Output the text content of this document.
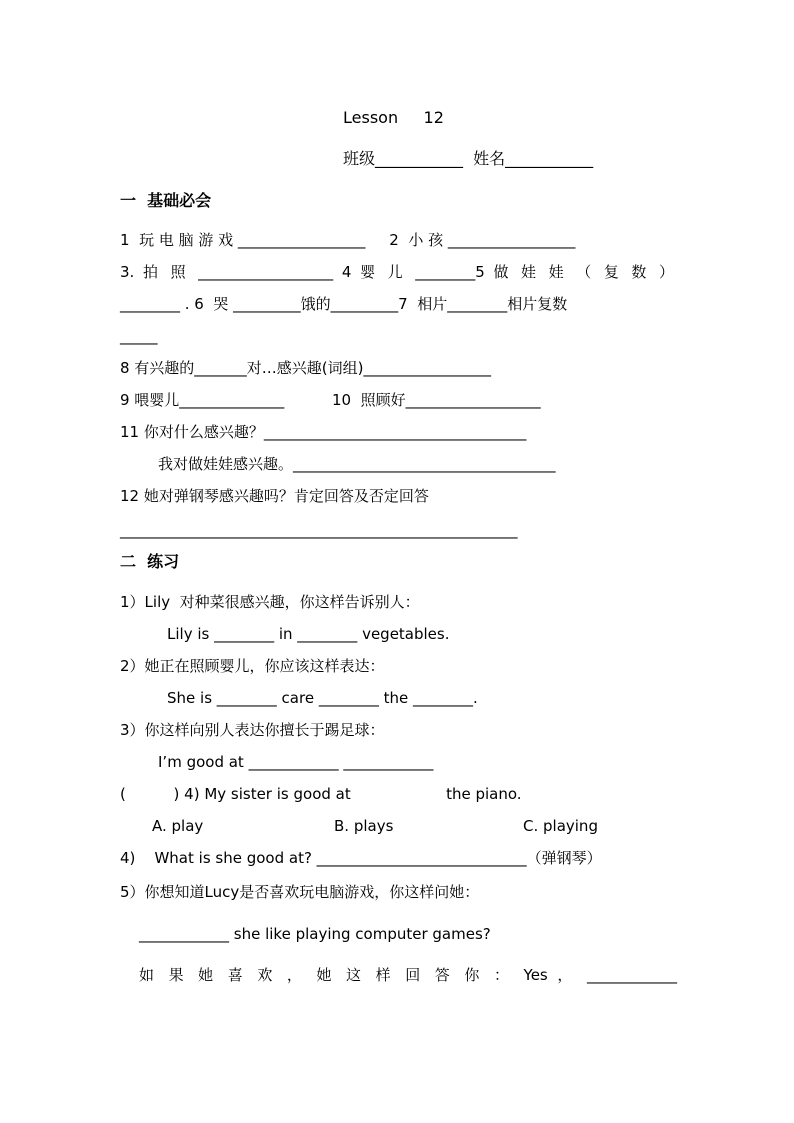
Lesson     12
班级___________  姓名___________
一  基础必会
1  玩 电 脑 游 戏 _________________     2  小 孩 _________________
3. 拍 照 __________________ 4 婴 儿 ________5 做 娃 娃 （ 复 数 ）
________ . 6  哭 _________饿的_________7  相片________相片复数
_____
8 有兴趣的_______对…感兴趣(词组)_________________
9 喂婴儿______________          10  照顾好__________________
11 你对什么感兴趣？___________________________________
我对做娃娃感兴趣。___________________________________
12 她对弹钢琴感兴趣吗？肯定回答及否定回答
_____________________________________________________
二  练习
1）Lily  对种菜很感兴趣，你这样告诉别人：
Lily is ________ in ________ vegetables.
2）她正在照顾婴儿，你应该这样表达：
She is ________ care ________ the ________.
3）你这样向别人表达你擅长于踢足球：
I’m good at ____________ ____________
(          ) 4) My sister is good at                    the piano.
A. play	B. plays	C. playing
4)    What is she good at? ____________________________（弹钢琴）
5）你想知道Lucy是否喜欢玩电脑游戏，你这样问她：
____________ she like playing computer games?
如 果 她 喜 欢 ， 她 这 样 回 答 你 ： Yes ， ____________
